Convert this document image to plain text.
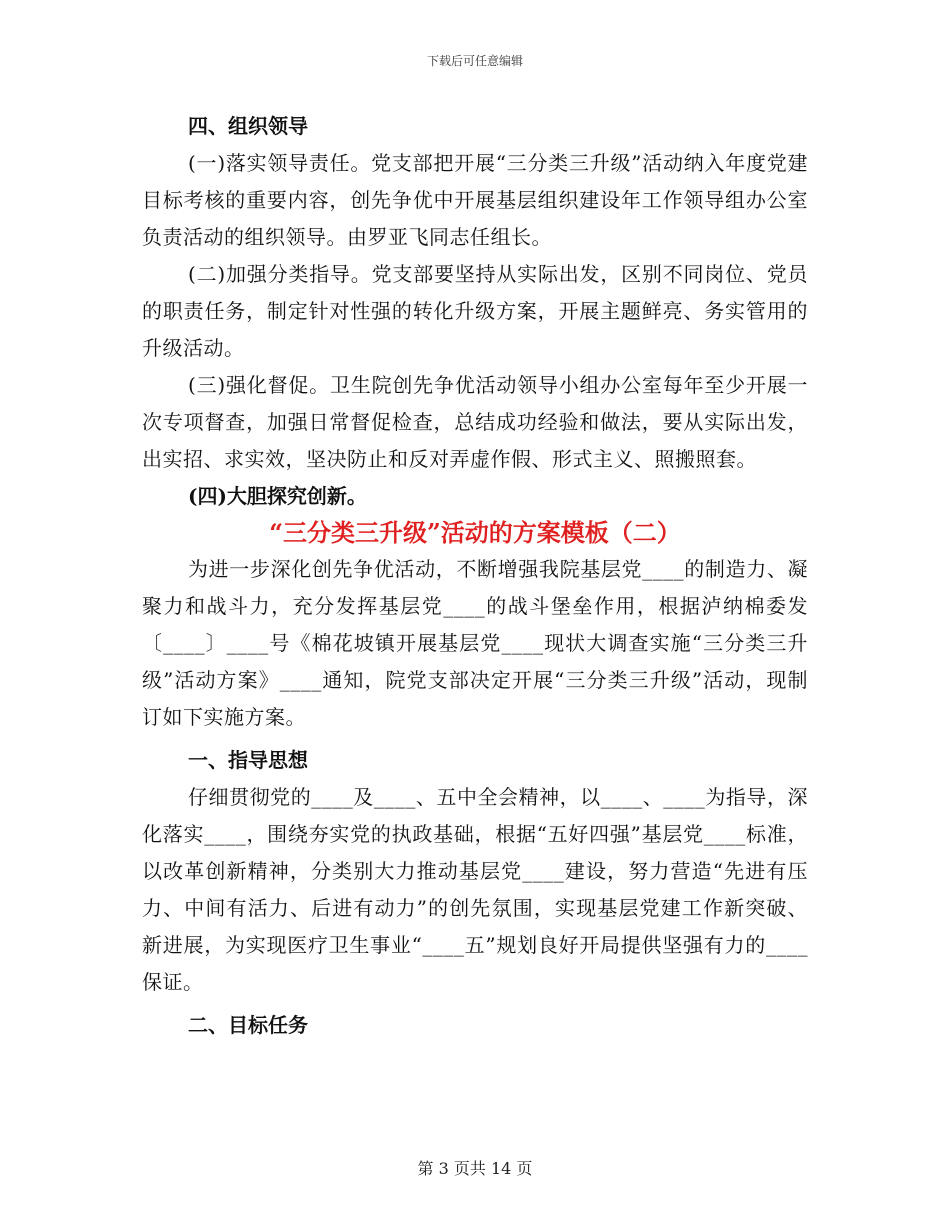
下载后可任意编辑

四、组织领导

(一)落实领导责任。党支部把开展“三分类三升级”活动纳入年度党建目标考核的重要内容，创先争优中开展基层组织建设年工作领导组办公室负责活动的组织领导。由罗亚飞同志任组长。

(二)加强分类指导。党支部要坚持从实际出发，区别不同岗位、党员的职责任务，制定针对性强的转化升级方案，开展主题鲜亮、务实管用的升级活动。

(三)强化督促。卫生院创先争优活动领导小组办公室每年至少开展一次专项督查，加强日常督促检查，总结成功经验和做法，要从实际出发，出实招、求实效，坚决防止和反对弄虚作假、形式主义、照搬照套。

(四)大胆探究创新。

“三分类三升级”活动的方案模板（二）

为进一步深化创先争优活动，不断增强我院基层党____的制造力、凝聚力和战斗力，充分发挥基层党____的战斗堡垒作用，根据泸纳棉委发〔____〕____号《棉花坡镇开展基层党____现状大调查实施“三分类三升级”活动方案》____通知，院党支部决定开展“三分类三升级”活动，现制订如下实施方案。

一、指导思想

仔细贯彻党的____及____、五中全会精神，以____、____为指导，深化落实____，围绕夯实党的执政基础，根据“五好四强”基层党____标准，以改革创新精神，分类别大力推动基层党____建设，努力营造“先进有压力、中间有活力、后进有动力”的创先氛围，实现基层党建工作新突破、新进展，为实现医疗卫生事业“____五”规划良好开局提供坚强有力的____保证。

二、目标任务

第 3 页共 14 页
